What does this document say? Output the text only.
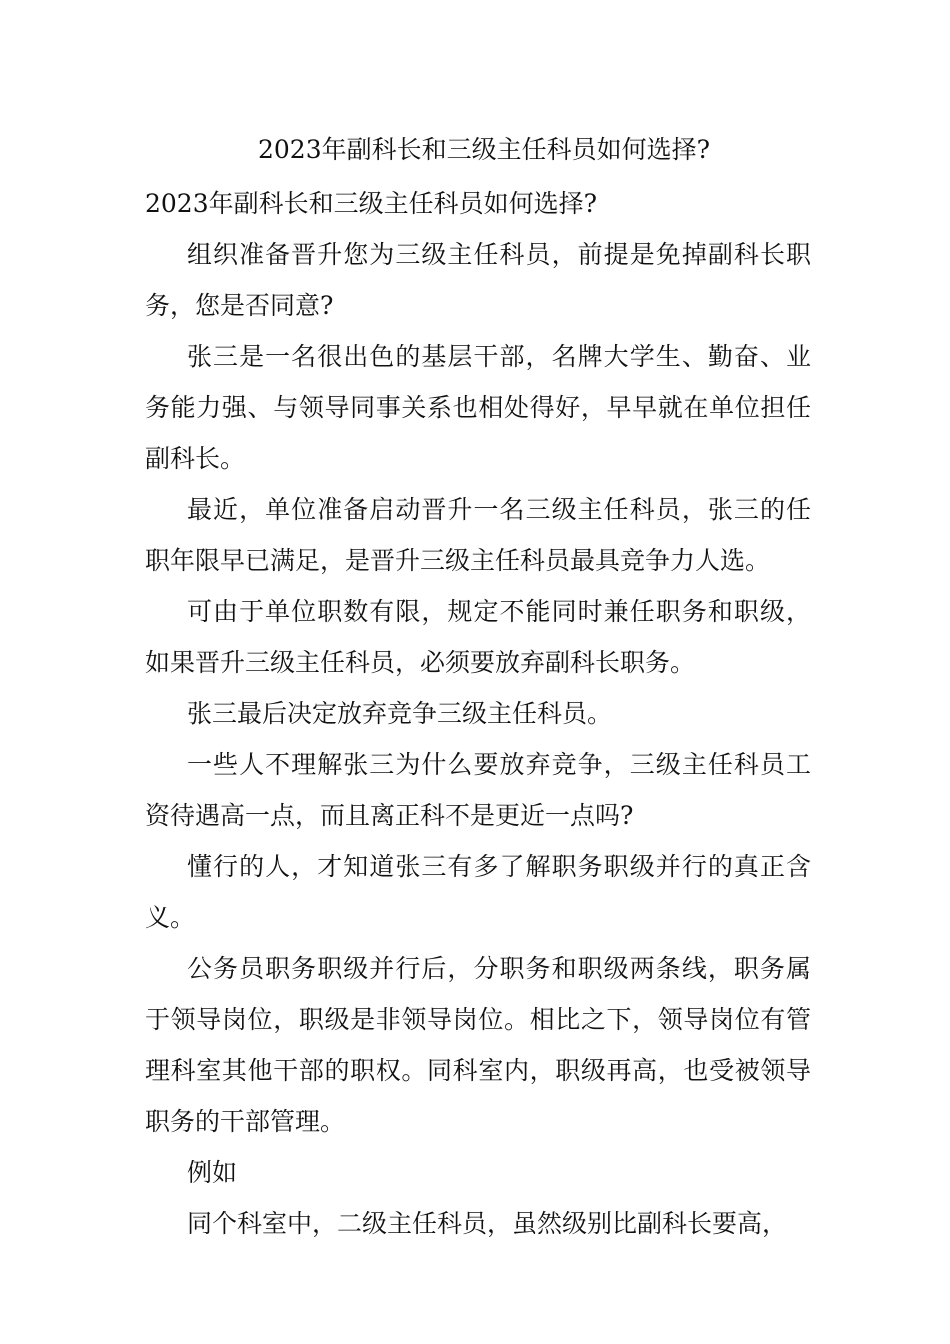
2023年副科长和三级主任科员如何选择?

2023年副科长和三级主任科员如何选择?

组织准备晋升您为三级主任科员，前提是免掉副科长职务，您是否同意?

张三是一名很出色的基层干部，名牌大学生、勤奋、业务能力强、与领导同事关系也相处得好，早早就在单位担任副科长。

最近，单位准备启动晋升一名三级主任科员，张三的任职年限早已满足，是晋升三级主任科员最具竞争力人选。

可由于单位职数有限，规定不能同时兼任职务和职级，如果晋升三级主任科员，必须要放弃副科长职务。

张三最后决定放弃竞争三级主任科员。

一些人不理解张三为什么要放弃竞争，三级主任科员工资待遇高一点，而且离正科不是更近一点吗?

懂行的人，才知道张三有多了解职务职级并行的真正含义。

公务员职务职级并行后，分职务和职级两条线，职务属于领导岗位，职级是非领导岗位。相比之下，领导岗位有管理科室其他干部的职权。同科室内，职级再高，也受被领导职务的干部管理。

例如

同个科室中，二级主任科员，虽然级别比副科长要高，
